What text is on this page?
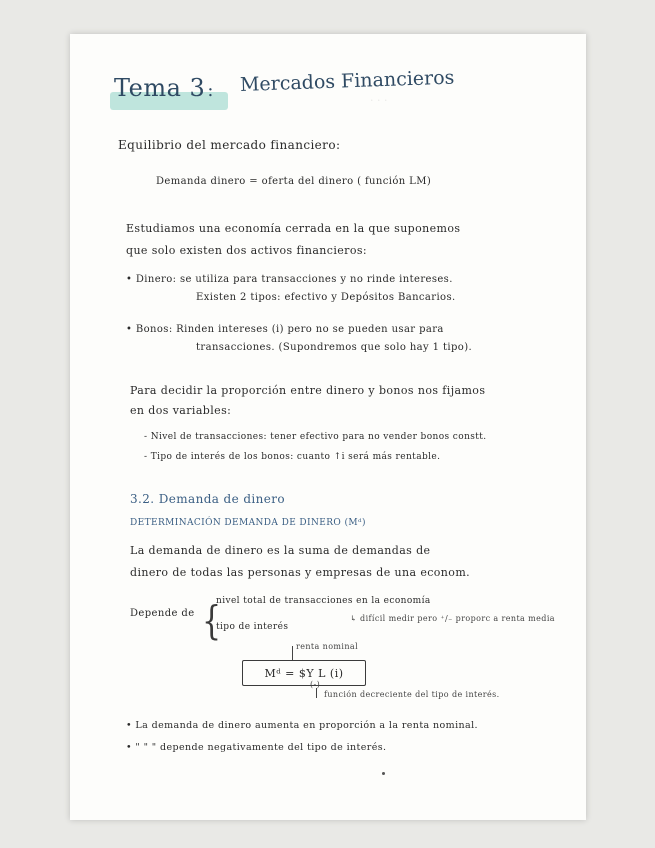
· · ·
Tema 3 : Mercados Financieros
Equilibrio del mercado financiero:
Demanda dinero = oferta del dinero ( función LM)
Estudiamos una economía cerrada en la que suponemos
que solo existen dos activos financieros:
• Dinero: se utiliza para transacciones y no rinde intereses.
Existen 2 tipos: efectivo y Depósitos Bancarios.
• Bonos: Rinden intereses (i) pero no se pueden usar para
transacciones. (Supondremos que solo hay 1 tipo).
Para decidir la proporción entre dinero y bonos nos fijamos
en dos variables:
- Nivel de transacciones: tener efectivo para no vender bonos constt.
- Tipo de interés de los bonos: cuanto ↑i será más rentable.
3.2. Demanda de dinero
DETERMINACIÓN DEMANDA DE DINERO (Mᵈ)
La demanda de dinero es la suma de demandas de
dinero de todas las personas y empresas de una econom.
Depende de {
nivel total de transacciones en la economía
tipo de interés
↳ difícil medir pero ⁺/₋ proporc a renta media
renta nominal
Mᵈ = $Y L (i)
(-)
función decreciente del tipo de interés.
• La demanda de dinero aumenta en proporción a la renta nominal.
• " " " depende negativamente del tipo de interés.
